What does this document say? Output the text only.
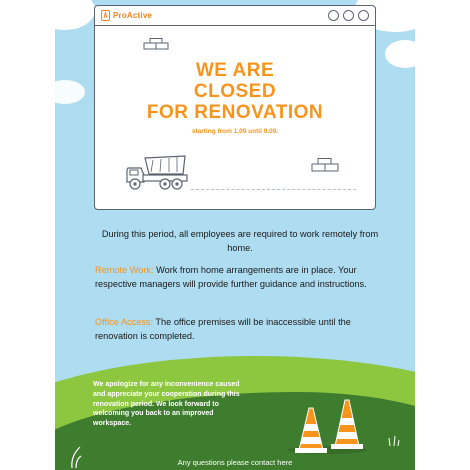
ProActive
WE ARE
CLOSED
FOR RENOVATION
starting from 1.09 until 9.09.
During this period, all employees are required to work remotely from home.
Remote Work: Work from home arrangements are in place. Your respective managers will provide further guidance and instructions.
Office Access: The office premises will be inaccessible until the renovation is completed.
We apologize for any inconvenience caused and appreciate your cooperation during this renovation period. We look forward to welcoming you back to an improved workspace.
Any questions please contact here
